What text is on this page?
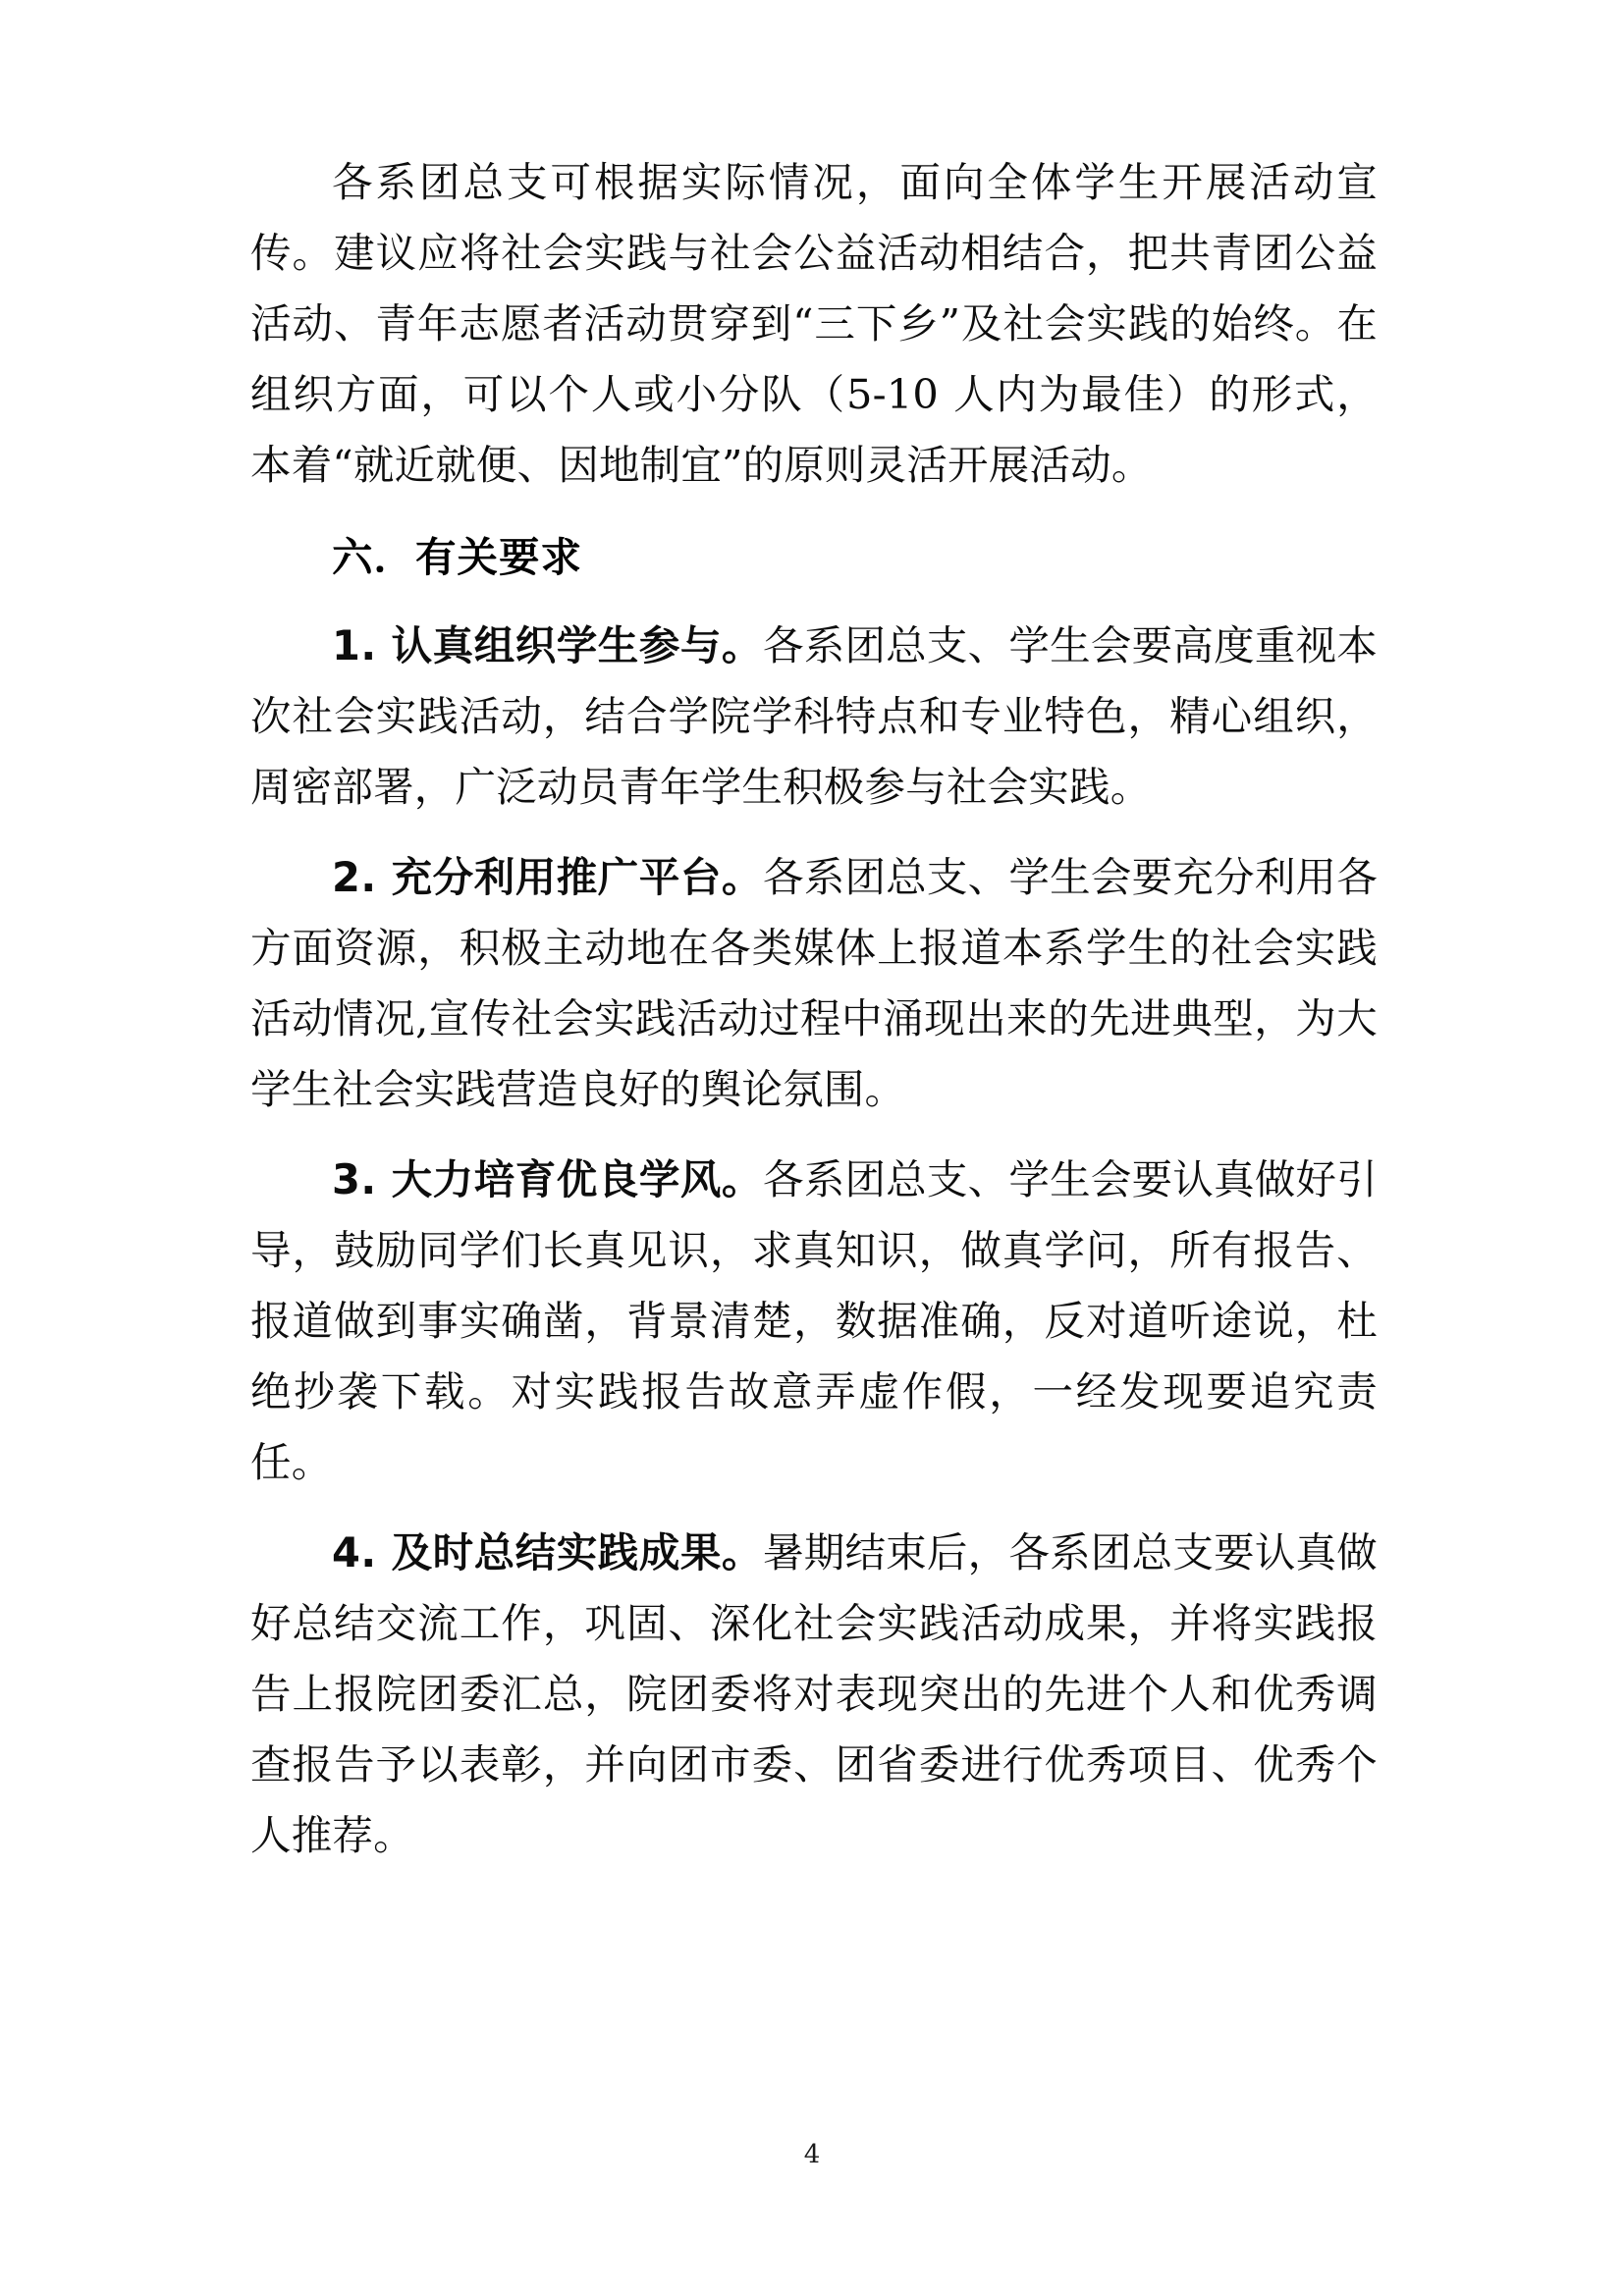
各系团总支可根据实际情况，面向全体学生开展活动宣传。建议应将社会实践与社会公益活动相结合，把共青团公益活动、青年志愿者活动贯穿到“三下乡”及社会实践的始终。在组织方面，可以个人或小分队（5-10 人内为最佳）的形式，本着“就近就便、因地制宜”的原则灵活开展活动。

六．有关要求

1. 认真组织学生参与。各系团总支、学生会要高度重视本次社会实践活动，结合学院学科特点和专业特色，精心组织，周密部署，广泛动员青年学生积极参与社会实践。

2. 充分利用推广平台。各系团总支、学生会要充分利用各方面资源，积极主动地在各类媒体上报道本系学生的社会实践活动情况,宣传社会实践活动过程中涌现出来的先进典型，为大学生社会实践营造良好的舆论氛围。

3. 大力培育优良学风。各系团总支、学生会要认真做好引导，鼓励同学们长真见识，求真知识，做真学问，所有报告、报道做到事实确凿，背景清楚，数据准确，反对道听途说，杜绝抄袭下载。对实践报告故意弄虚作假，一经发现要追究责任。

4. 及时总结实践成果。暑期结束后，各系团总支要认真做好总结交流工作，巩固、深化社会实践活动成果，并将实践报告上报院团委汇总，院团委将对表现突出的先进个人和优秀调查报告予以表彰，并向团市委、团省委进行优秀项目、优秀个人推荐。

4
